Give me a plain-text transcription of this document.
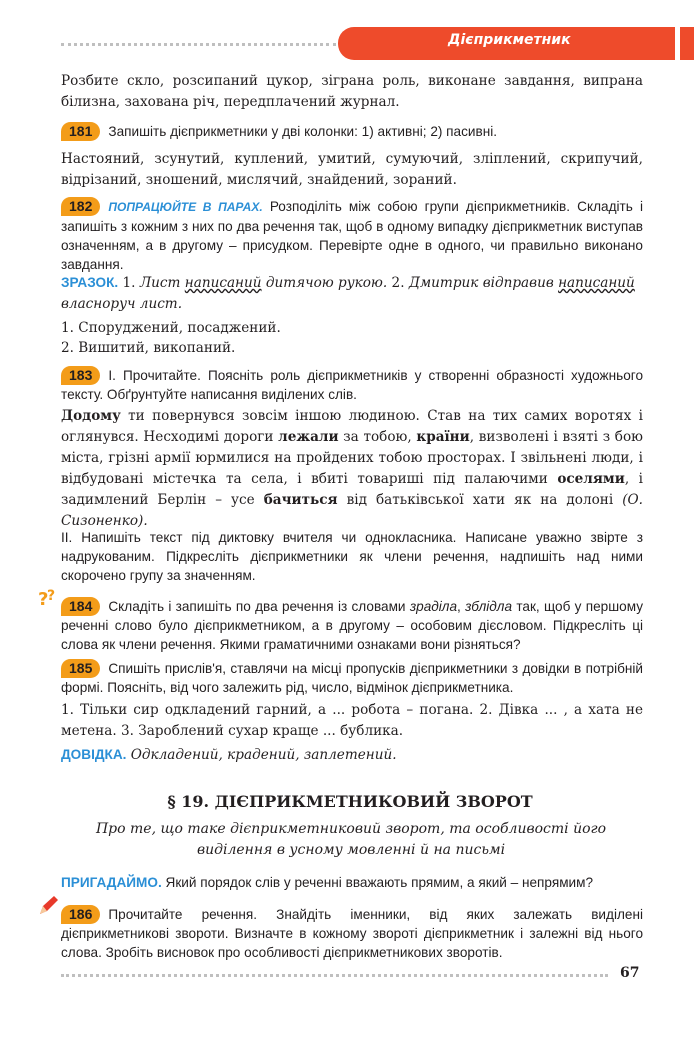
Дієприкметник
Розбите скло, розсипаний цукор, зіграна роль, виконане завдання, випрана білизна, захована річ, передплачений журнал.
181 Запишіть дієприкметники у дві колонки: 1) активні; 2) пасивні.
Настояний, зсунутий, куплений, умитий, сумуючий, зліплений, скрипучий, відрізаний, зношений, мислячий, знайдений, зораний.
182 ПОПРАЦЮЙТЕ В ПАРАХ. Розподіліть між собою групи дієприкметників. Складіть і запишіть з кожним з них по два речення так, щоб в одному випадку дієприкметник виступав означенням, а в другому – присудком. Перевірте одне в одного, чи правильно виконано завдання.
ЗРАЗОК. 1. Лист написаний дитячою рукою. 2. Дмитрик відправив написаний власноруч лист.
1. Споруджений, посаджений.
2. Вишитий, викопаний.
183 I. Прочитайте. Поясніть роль дієприкметників у створенні образності художнього тексту. Обґрунтуйте написання виділених слів.
Додому ти повернувся зовсім іншою людиною. Став на тих самих воротях і оглянувся. Несходимі дороги лежали за тобою, країни, визволені і взяті з бою міста, грізні армії юрмилися на пройдених тобою просторах. І звільнені люди, і відбудовані містечка та села, і вбиті товариші під палаючими оселями, і задимлений Берлін – усе бачиться від батьківської хати як на долоні (О. Сизоненко).
II. Напишіть текст під диктовку вчителя чи однокласника. Написане уважно звірте з надрукованим. Підкресліть дієприкметники як члени речення, надпишіть над ними скорочено групу за значенням.
?
?
184 Складіть і запишіть по два речення із словами зраділа, зблідла так, щоб у першому реченні слово було дієприкметником, а в другому – особовим дієсловом. Підкресліть ці слова як члени речення. Якими граматичними ознаками вони різняться?
185 Спишіть прислів'я, ставлячи на місці пропусків дієприкметники з довідки в потрібній формі. Поясніть, від чого залежить рід, число, відмінок дієприкметника.
1. Тільки сир одкладений гарний, а ... робота – погана. 2. Дівка ... , а хата не метена. 3. Зароблений сухар краще ... бублика.
ДОВІДКА. Одкладений, крадений, заплетений.
§ 19. ДІЄПРИКМЕТНИКОВИЙ ЗВОРОТ
Про те, що таке дієприкметниковий зворот, та особливості його виділення в усному мовленні й на письмі
ПРИГАДАЙМО. Який порядок слів у реченні вважають прямим, а який – непрямим?
186 Прочитайте речення. Знайдіть іменники, від яких залежать виділені дієприкметникові звороти. Визначте в кожному звороті дієприкметник і залежні від нього слова. Зробіть висновок про особливості дієприкметникових зворотів.
67
